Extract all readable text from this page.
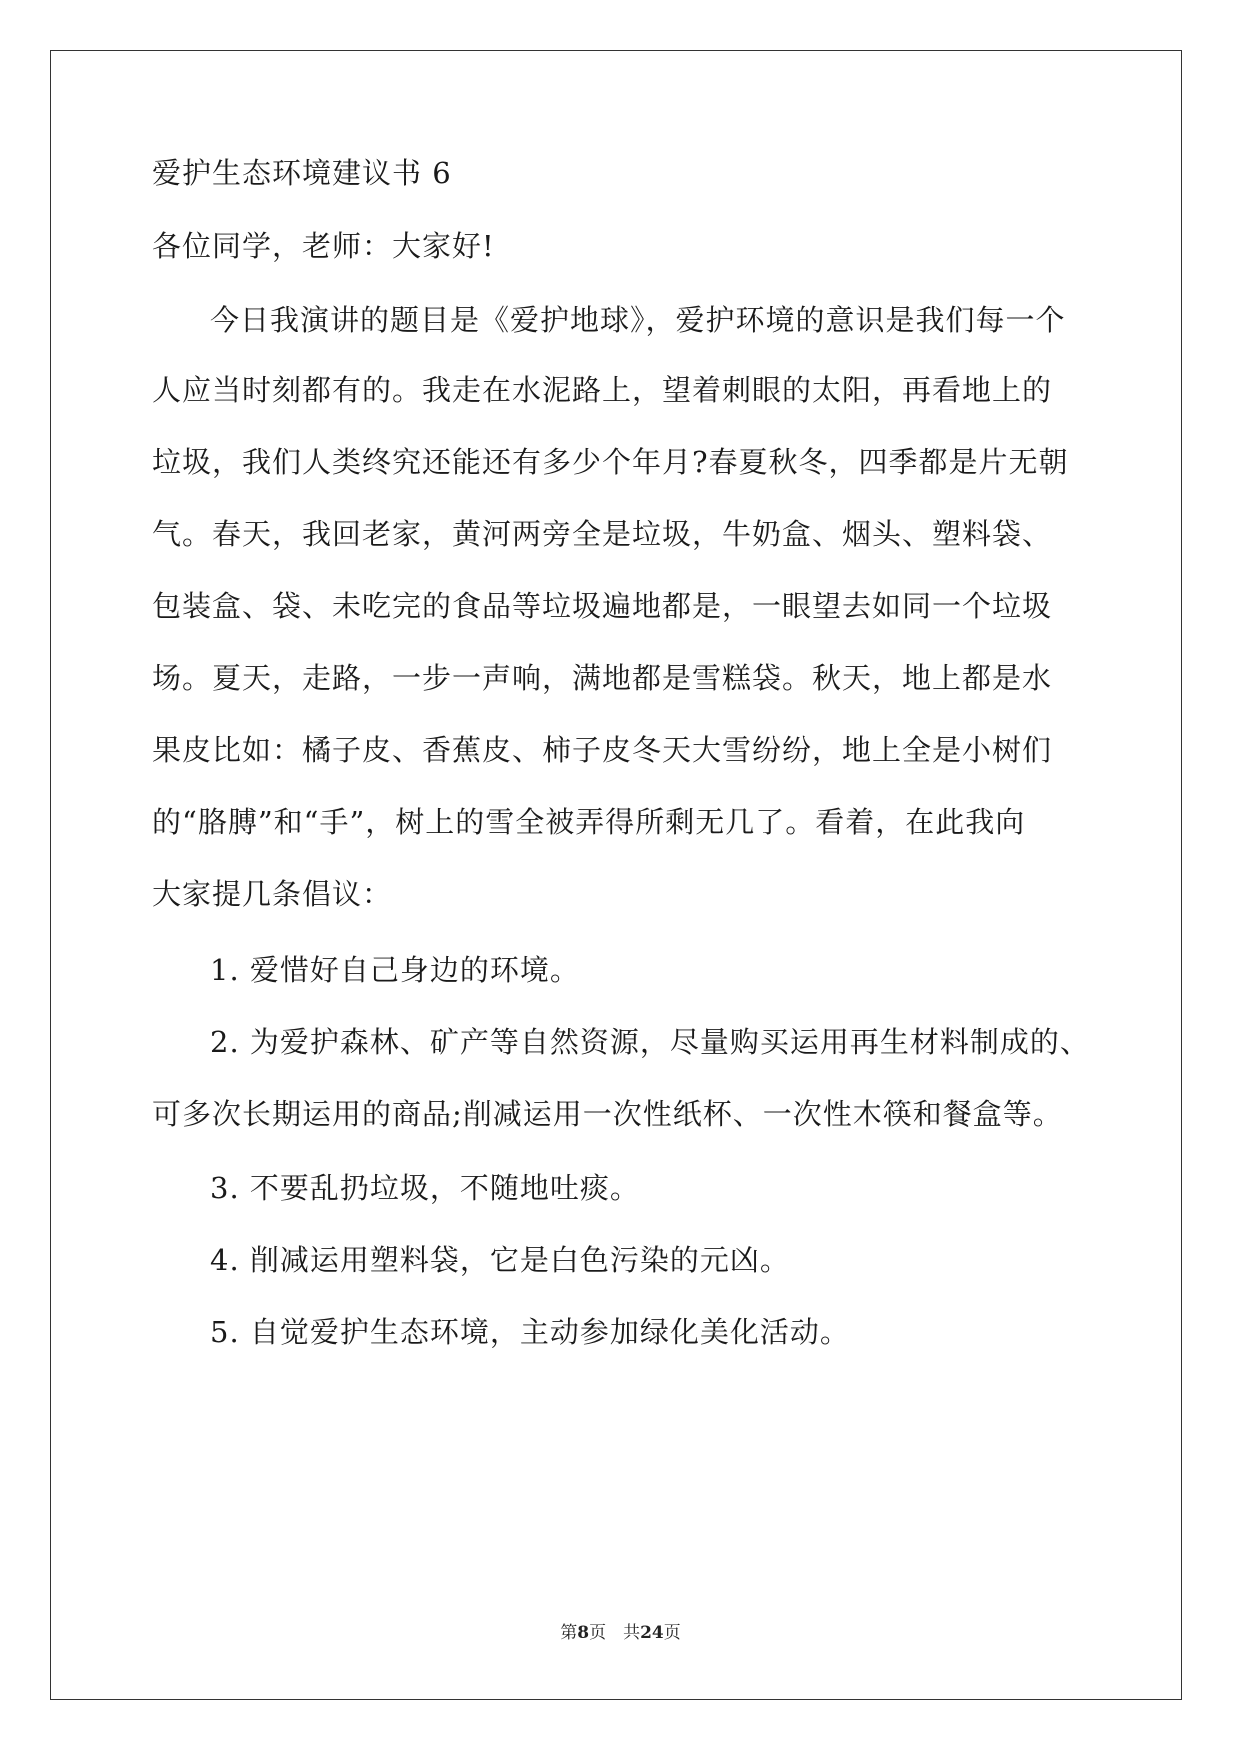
爱护生态环境建议书 6
各位同学，老师：大家好!
今日我演讲的题目是《爱护地球》，爱护环境的意识是我们每一个
人应当时刻都有的。我走在水泥路上，望着刺眼的太阳，再看地上的
垃圾，我们人类终究还能还有多少个年月?春夏秋冬，四季都是片无朝
气。春天，我回老家，黄河两旁全是垃圾，牛奶盒、烟头、塑料袋、
包装盒、袋、未吃完的食品等垃圾遍地都是，一眼望去如同一个垃圾
场。夏天，走路，一步一声响，满地都是雪糕袋。秋天，地上都是水
果皮比如：橘子皮、香蕉皮、柿子皮冬天大雪纷纷，地上全是小树们
的“胳膊”和“手”，树上的雪全被弄得所剩无几了。看着，在此我向
大家提几条倡议：
1. 爱惜好自己身边的环境。
2. 为爱护森林、矿产等自然资源，尽量购买运用再生材料制成的、
可多次长期运用的商品;削减运用一次性纸杯、一次性木筷和餐盒等。
3. 不要乱扔垃圾，不随地吐痰。
4. 削减运用塑料袋，它是白色污染的元凶。
5. 自觉爱护生态环境，主动参加绿化美化活动。
第8页　共24页
